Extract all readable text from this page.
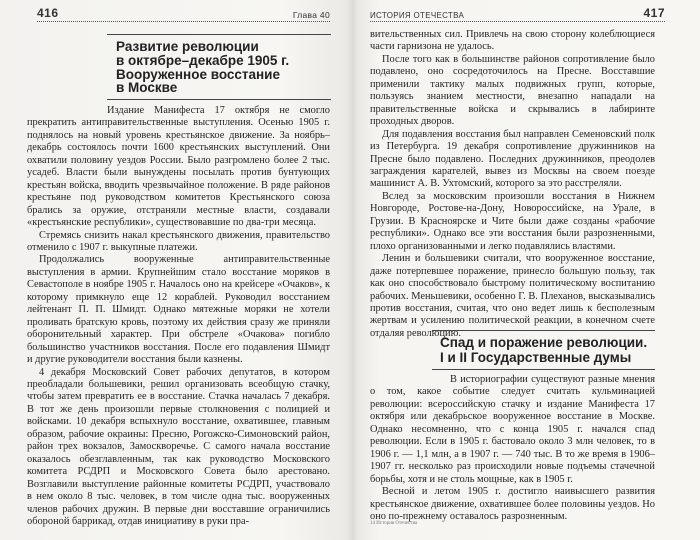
416	Глава 40
Развитие революции
в октябре–декабре 1905 г.
Вооруженное восстание
в Москве

Издание Манифеста 17 октября не смогло прекратить антиправительственные выступления. Осенью 1905 г. поднялось на новый уровень крестьянское движение. За ноябрь–декабрь состоялось почти 1600 крестьянских выступлений. Они охватили половину уездов России. Было разгромлено более 2 тыс. усадеб. Власти были вынуждены посылать против бунтующих крестьян войска, вводить чрезвычайное положение. В ряде районов крестьяне под руководством комитетов Крестьянского союза брались за оружие, отстраняли местные власти, создавали «крестьянские республики», существовавшие по два-три месяца.

Стремясь снизить накал крестьянского движения, правительство отменило с 1907 г. выкупные платежи.

Продолжались вооруженные антиправительственные выступления в армии. Крупнейшим стало восстание моряков в Севастополе в ноябре 1905 г. Началось оно на крейсере «Очаков», к которому примкнуло еще 12 кораблей. Руководил восстанием лейтенант П. П. Шмидт. Однако мятежные моряки не хотели проливать братскую кровь, поэтому их действия сразу же приняли оборонительный характер. При обстреле «Очакова» погибло большинство участников восстания. После его подавления Шмидт и другие руководители восстания были казнены.

4 декабря Московский Совет рабочих депутатов, в котором преобладали большевики, решил организовать всеобщую стачку, чтобы затем превратить ее в восстание. Стачка началась 7 декабря. В тот же день произошли первые столкновения с полицией и войсками. 10 декабря вспыхнуло восстание, охватившее, главным образом, рабочие окраины: Пресню, Рогожско-Симоновский район, район трех вокзалов, Замоскворечье. С самого начала восстание оказалось обезглавленным, так как руководство Московского комитета РСДРП и Московского Совета было арестовано. Возглавили выступление районные комитеты РСДРП, участвовало в нем около 8 тыс. человек, в том числе одна тыс. вооруженных членов рабочих дружин. В первые дни восставшие ограничились обороной баррикад, отдав инициативу в руки пра-

ИСТОРИЯ ОТЕЧЕСТВА	417

вительственных сил. Привлечь на свою сторону колеблющиеся части гарнизона не удалось.

После того как в большинстве районов сопротивление было подавлено, оно сосредоточилось на Пресне. Восставшие применили тактику малых подвижных групп, которые, пользуясь знанием местности, внезапно нападали на правительственные войска и скрывались в лабиринте проходных дворов.

Для подавления восстания был направлен Семеновский полк из Петербурга. 19 декабря сопротивление дружинников на Пресне было подавлено. Последних дружинников, преодолев заграждения карателей, вывез из Москвы на своем поезде машинист А. В. Ухтомский, которого за это расстреляли.

Вслед за московским произошли восстания в Нижнем Новгороде, Ростове-на-Дону, Новороссийске, на Урале, в Грузии. В Красноярске и Чите были даже созданы «рабочие республики». Однако все эти восстания были разрозненными, плохо организованными и легко подавлялись властями.

Ленин и большевики считали, что вооруженное восстание, даже потерпевшее поражение, принесло большую пользу, так как оно способствовало быстрому политическому воспитанию рабочих. Меньшевики, особенно Г. В. Плеханов, высказывались против восстания, считая, что оно ведет лишь к бесполезным жертвам и усилению политической реакции, в конечном счете отдаляя революцию.

Спад и поражение революции.
I и II Государственные думы

В историографии существуют разные мнения о том, какое событие следует считать кульминацией революции: всероссийскую стачку и издание Манифеста 17 октября или декабрьское вооруженное восстание в Москве. Однако несомненно, что с конца 1905 г. начался спад революции. Если в 1905 г. бастовало около 3 млн человек, то в 1906 г. — 1,1 млн, а в 1907 г. — 740 тыс. В то же время в 1906–1907 гг. несколько раз происходили новые подъемы стачечной борьбы, хотя и не столь мощные, как в 1905 г.

Весной и летом 1905 г. достигло наивысшего развития крестьянское движение, охватившее более половины уездов. Но оно по-прежнему оставалось разрозненным.

14 История Отечества
